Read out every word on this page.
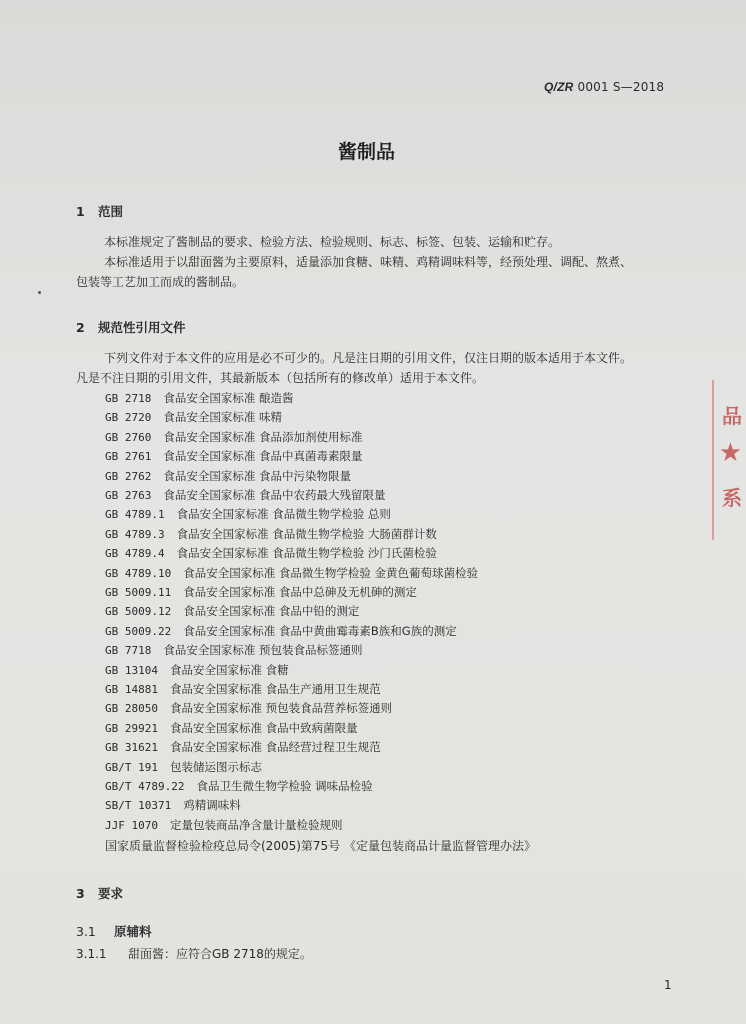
Q/ZR 0001 S—2018
酱制品
1 范围
本标准规定了酱制品的要求、检验方法、检验规则、标志、标签、包装、运输和贮存。
本标准适用于以甜面酱为主要原料，适量添加食糖、味精、鸡精调味料等，经预处理、调配、熬煮、
包装等工艺加工而成的酱制品。
2 规范性引用文件
下列文件对于本文件的应用是必不可少的。凡是注日期的引用文件，仅注日期的版本适用于本文件。
凡是不注日期的引用文件，其最新版本（包括所有的修改单）适用于本文件。
GB 2718 食品安全国家标准 酿造酱
GB 2720 食品安全国家标准 味精
GB 2760 食品安全国家标准 食品添加剂使用标准
GB 2761 食品安全国家标准 食品中真菌毒素限量
GB 2762 食品安全国家标准 食品中污染物限量
GB 2763 食品安全国家标准 食品中农药最大残留限量
GB 4789.1 食品安全国家标准 食品微生物学检验 总则
GB 4789.3 食品安全国家标准 食品微生物学检验 大肠菌群计数
GB 4789.4 食品安全国家标准 食品微生物学检验 沙门氏菌检验
GB 4789.10 食品安全国家标准 食品微生物学检验 金黄色葡萄球菌检验
GB 5009.11 食品安全国家标准 食品中总砷及无机砷的测定
GB 5009.12 食品安全国家标准 食品中铅的测定
GB 5009.22 食品安全国家标准 食品中黄曲霉毒素B族和G族的测定
GB 7718 食品安全国家标准 预包装食品标签通则
GB 13104 食品安全国家标准 食糖
GB 14881 食品安全国家标准 食品生产通用卫生规范
GB 28050 食品安全国家标准 预包装食品营养标签通则
GB 29921 食品安全国家标准 食品中致病菌限量
GB 31621 食品安全国家标准 食品经营过程卫生规范
GB/T 191 包装储运图示标志
GB/T 4789.22 食品卫生微生物学检验 调味品检验
SB/T 10371 鸡精调味料
JJF 1070 定量包装商品净含量计量检验规则
国家质量监督检验检疫总局令(2005)第75号 《定量包装商品计量监督管理办法》
3 要求
3.1 原辅料
3.1.1 甜面酱：应符合GB 2718的规定。
1
品
★
系
